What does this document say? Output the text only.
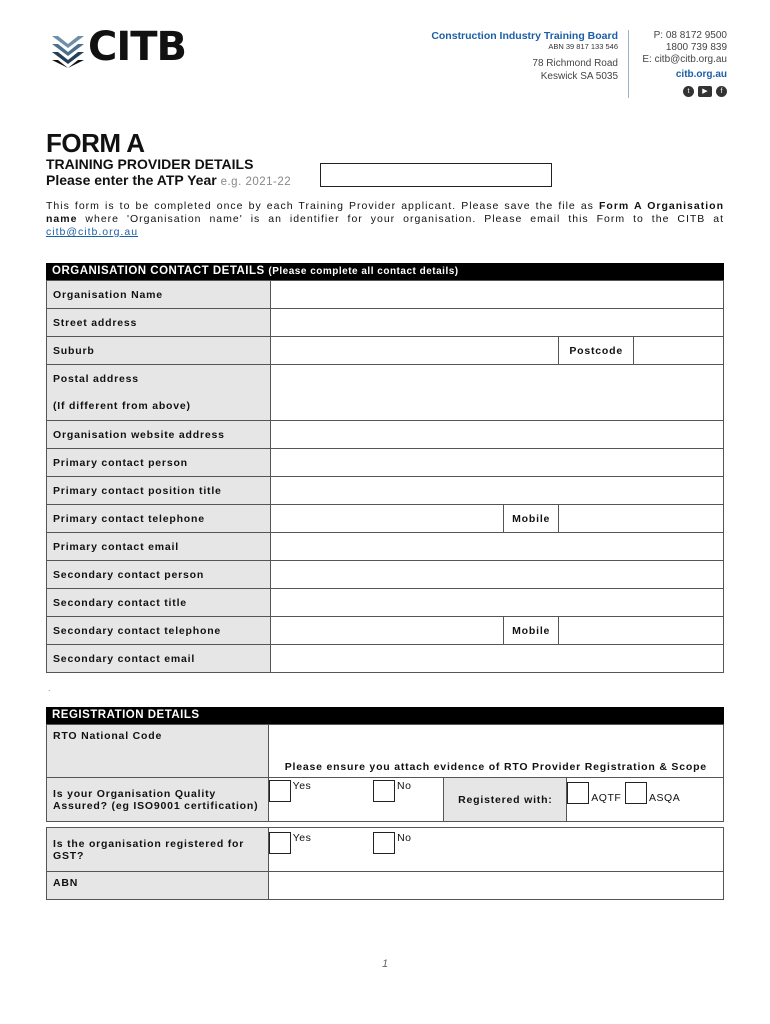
CITB	Construction Industry Training Board
ABN 39 817 133 546
78 Richmond Road
Keswick SA 5035
P: 08 8172 9500
1800 739 839
E: citb@citb.org.au
citb.org.au
t	▶	f
FORM A
TRAINING PROVIDER DETAILS
Please enter the ATP Year e.g. 2021-22
This form is to be completed once by each Training Provider applicant. Please save the file as Form A Organisation name where 'Organisation name' is an identifier for your organisation. Please email this Form to the CITB at citb@citb.org.au
ORGANISATION CONTACT DETAILS (Please complete all contact details)
Organisation Name				
Street address				
Suburb			Postcode	

Postal address
(If different from above)				

Organisation website address				
Primary contact person				
Primary contact position title				
Primary contact telephone		Mobile		
Primary contact email				
Secondary contact person				
Secondary contact title				
Secondary contact telephone		Mobile		
Secondary contact email				
.
REGISTRATION DETAILS
RTO National Code	Please ensure you attach evidence of RTO Provider Registration & Scope		
Is your Organisation Quality Assured? (eg ISO9001 certification)	Yes No	Registered with:	AQTF ASQA
Is the organisation registered for GST?	Yes No
ABN	
1
